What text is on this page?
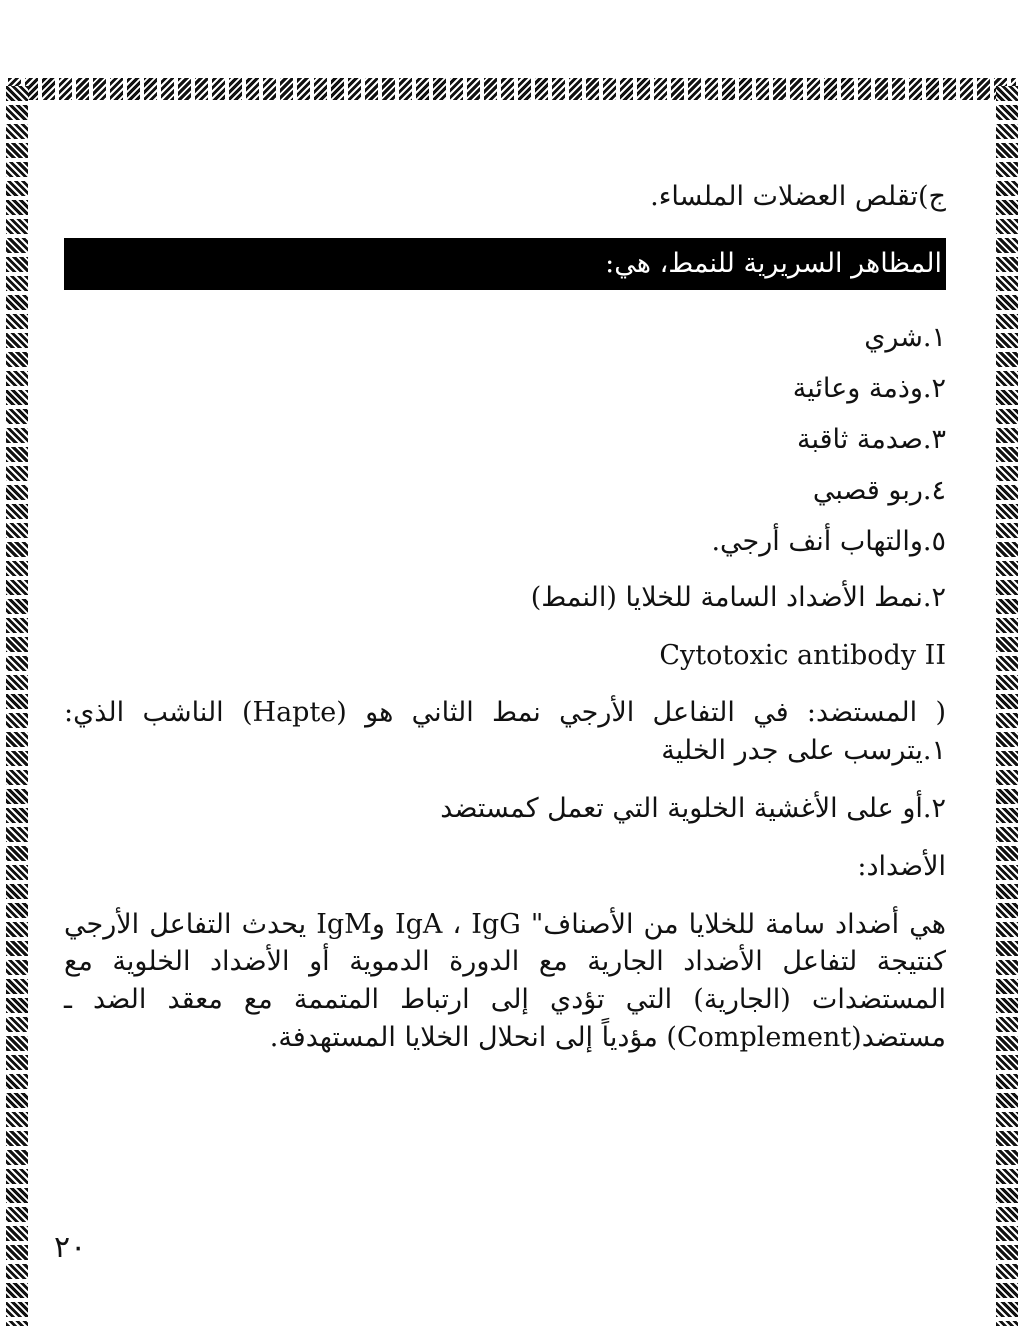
ج)تقلص العضلات الملساء.

المظاهر السريرية للنمط، هي:
١.شري
٢.وذمة وعائية
٣.صدمة ثاقبة
٤.ربو قصبي
٥.والتهاب أنف أرجي.

٢.نمط الأضداد السامة للخلايا (النمط)

Cytotoxic antibody II

( المستضد: في التفاعل الأرجي نمط الثاني هو (Hapte) الناشب الذي: ١.يترسب على جدر الخلية

٢.أو على الأغشية الخلوية التي تعمل كمستضد

الأضداد:

هي أضداد سامة للخلايا من الأصناف" IgA ، IgG وIgM يحدث التفاعل الأرجي كنتيجة لتفاعل الأضداد الجارية مع الدورة الدموية أو الأضداد الخلوية مع المستضدات (الجارية) التي تؤدي إلى ارتباط المتممة مع معقد الضد ـ مستضد(Complement) مؤدياً إلى انحلال الخلايا المستهدفة.

٢٠
